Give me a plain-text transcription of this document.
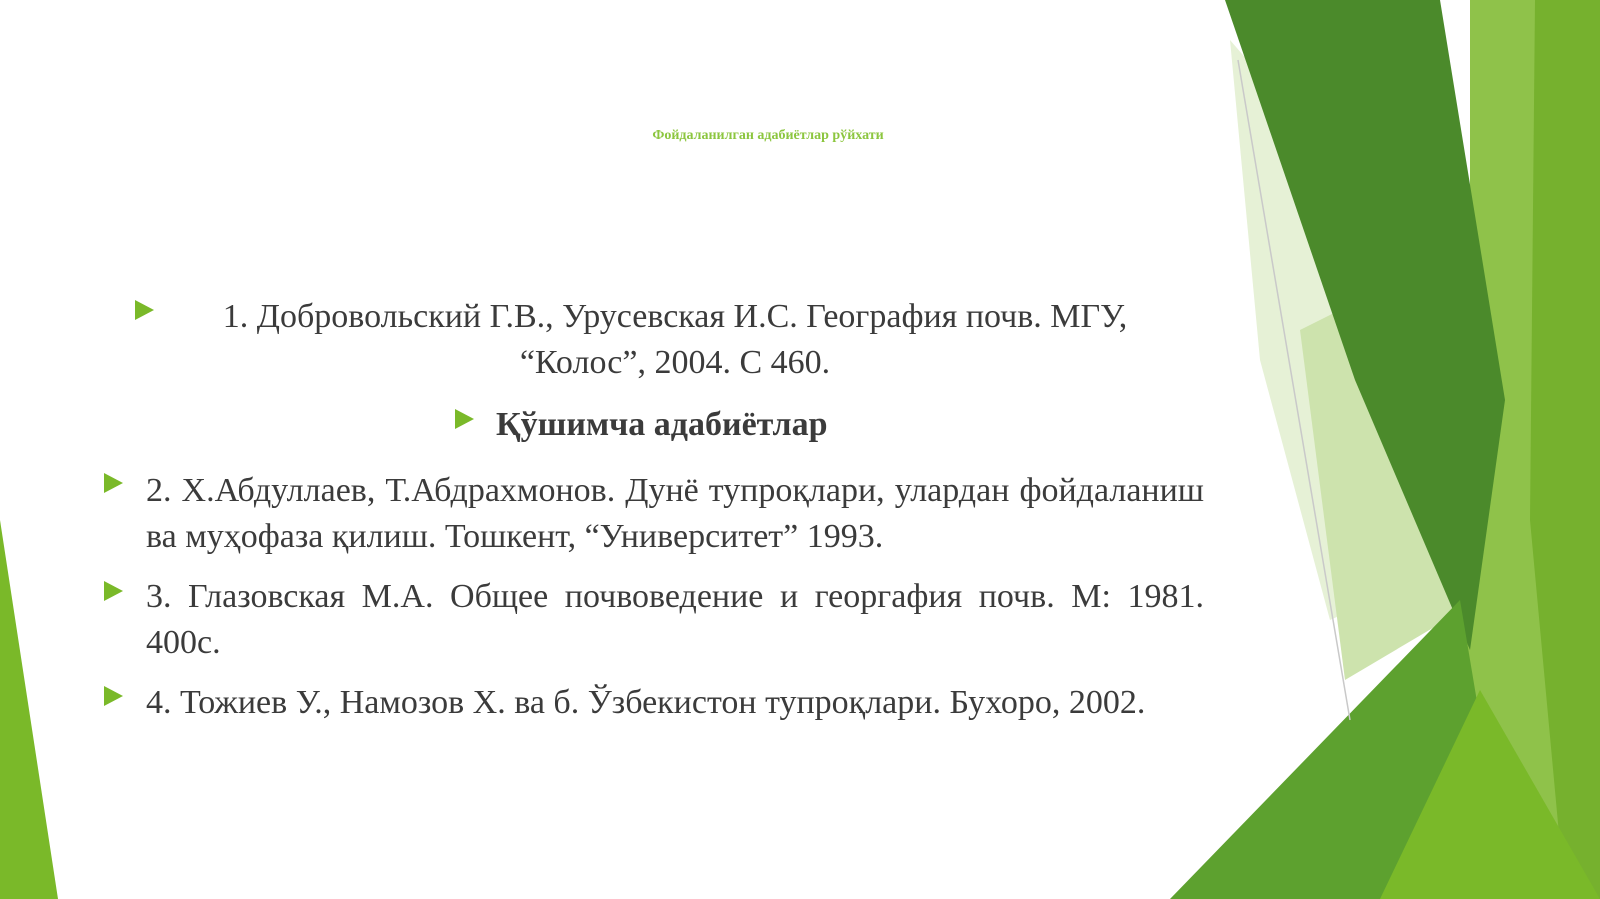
Фойдаланилган адабиётлар рўйхати
1. Добровольский Г.В., Урусевская И.С. География почв. МГУ, “Колос”, 2004. С 460.
Қўшимча адабиётлар
2. Х.Абдуллаев, Т.Абдрахмонов. Дунё тупроқлари, улардан фойдаланиш ва муҳофаза қилиш. Тошкент, “Университет” 1993.
3. Глазовская М.А. Общее почвоведение и георгафия почв. М: 1981. 400с.
4. Тожиев У., Намозов Х. ва б. Ўзбекистон тупроқлари. Бухоро, 2002.
